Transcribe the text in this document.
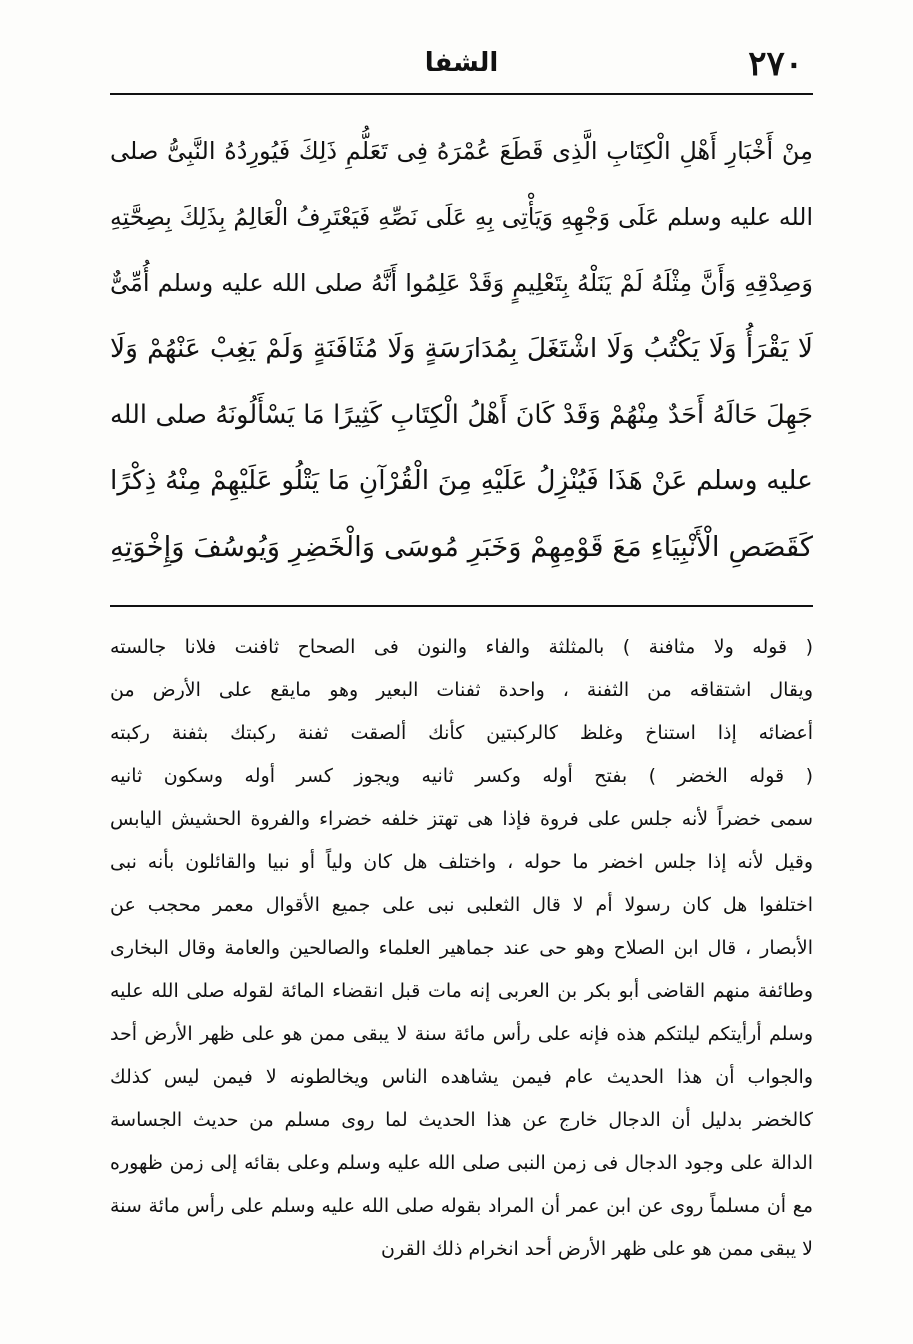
٢٧٠
الشفا
مِنْ أَخْبَارِ أَهْلِ الْكِتَابِ الَّذِى قَطَعَ عُمْرَهُ فِى تَعَلُّمِ ذَلِكَ فَيُورِدُهُ النَّبِىُّ صلى
الله عليه وسلم عَلَى وَجْهِهِ وَيَأْتِى بِهِ عَلَى نَصِّهِ فَيَعْتَرِفُ الْعَالِمُ بِذَلِكَ بِصِحَّتِهِ
وَصِدْقِهِ وَأَنَّ مِثْلَهُ لَمْ يَنَلْهُ بِتَعْلِيمٍ وَقَدْ عَلِمُوا أَنَّهُ صلى الله عليه وسلم أُمِّىٌّ
لَا يَقْرَأُ وَلَا يَكْتُبُ وَلَا اشْتَغَلَ بِمُدَارَسَةٍ وَلَا مُثَافَنَةٍ وَلَمْ يَغِبْ عَنْهُمْ وَلَا
جَهِلَ حَالَهُ أَحَدٌ مِنْهُمْ وَقَدْ كَانَ أَهْلُ الْكِتَابِ كَثِيرًا مَا يَسْأَلُونَهُ صلى الله
عليه وسلم عَنْ هَذَا فَيُنْزِلُ عَلَيْهِ مِنَ الْقُرْآنِ مَا يَتْلُو عَلَيْهِمْ مِنْهُ ذِكْرًا
كَقَصَصِ الْأَنْبِيَاءِ مَعَ قَوْمِهِمْ وَخَبَرِ مُوسَى وَالْخَضِرِ وَيُوسُفَ وَإِخْوَتِهِ
( قوله ولا مثافنة ) بالمثلثة والفاء والنون فى الصحاح ثافنت فلانا جالسته
ويقال اشتقاقه من الثفنة ، واحدة ثفنات البعير وهو مايقع على الأرض من
أعضائه إذا استناخ وغلظ كالركبتين كأنك ألصقت ثفنة ركبتك بثفنة ركبته
( قوله الخضر ) بفتح أوله وكسر ثانيه ويجوز كسر أوله وسكون ثانيه
سمى خضراً لأنه جلس على فروة فإذا هى تهتز خلفه خضراء والفروة الحشيش اليابس
وقيل لأنه إذا جلس اخضر ما حوله ، واختلف هل كان ولياً أو نبيا والقائلون بأنه نبى
اختلفوا هل كان رسولا أم لا قال الثعلبى نبى على جميع الأقوال معمر محجب عن
الأبصار ، قال ابن الصلاح وهو حى عند جماهير العلماء والصالحين والعامة وقال البخارى
وطائفة منهم القاضى أبو بكر بن العربى إنه مات قبل انقضاء المائة لقوله صلى الله عليه
وسلم أرأيتكم ليلتكم هذه فإنه على رأس مائة سنة لا يبقى ممن هو على ظهر الأرض أحد
والجواب أن هذا الحديث عام فيمن يشاهده الناس ويخالطونه لا فيمن ليس كذلك
كالخضر بدليل أن الدجال خارج عن هذا الحديث لما روى مسلم من حديث الجساسة
الدالة على وجود الدجال فى زمن النبى صلى الله عليه وسلم وعلى بقائه إلى زمن ظهوره
مع أن مسلماً روى عن ابن عمر أن المراد بقوله صلى الله عليه وسلم على رأس مائة سنة
لا يبقى ممن هو على ظهر الأرض أحد انخرام ذلك القرن
